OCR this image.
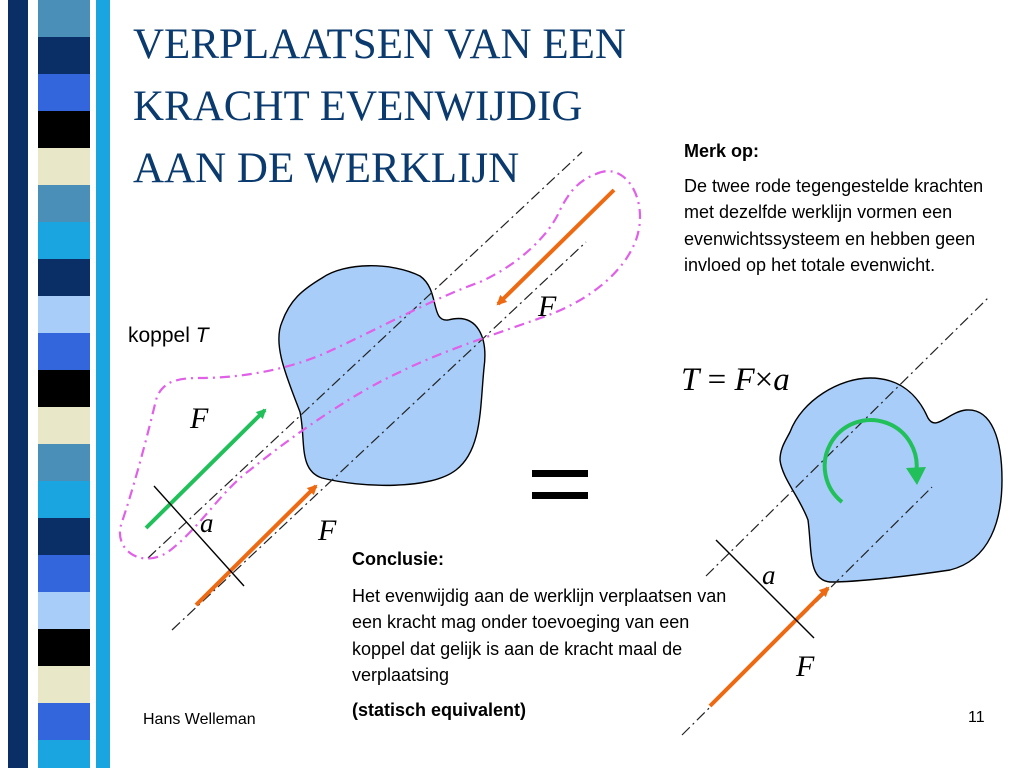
VERPLAATSEN VAN EEN
KRACHT EVENWIJDIG
AAN DE WERKLIJN
F
F
a	F
a
F
koppel T
T = F×a
Merk op:
De twee rode tegengestelde krachten met dezelfde werklijn vormen een evenwichtssysteem en hebben geen invloed op het totale evenwicht.
Conclusie:
Het evenwijdig aan de werklijn verplaatsen van een kracht mag onder toevoeging van een koppel dat gelijk is aan de kracht maal de verplaatsing
(statisch equivalent)
Hans Welleman	11
